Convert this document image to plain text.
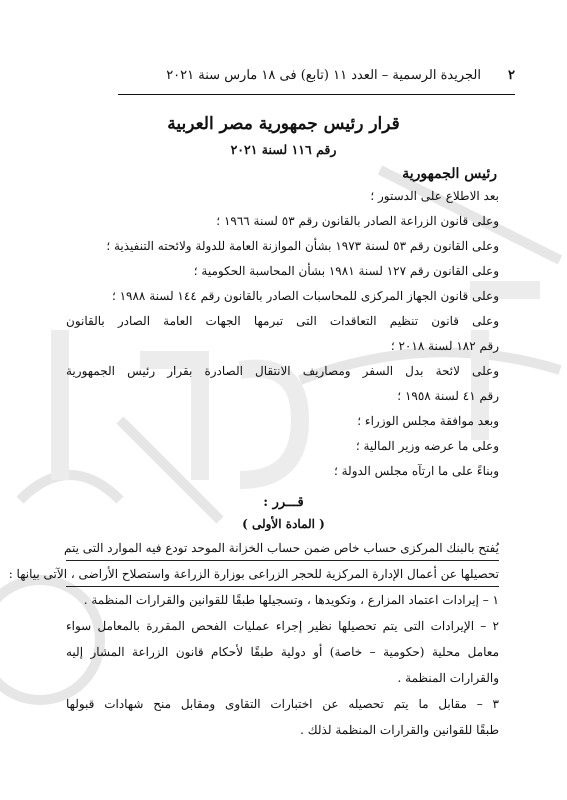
٢
الجريدة الرسمية – العدد ١١ (تابع) فى ١٨ مارس سنة ٢٠٢١
قرار رئيس جمهورية مصر العربية
رقم ١١٦ لسنة ٢٠٢١
رئيس الجمهورية
بعد الاطلاع على الدستور ؛
وعلى قانون الزراعة الصادر بالقانون رقم ٥٣ لسنة ١٩٦٦ ؛
وعلى القانون رقم ٥٣ لسنة ١٩٧٣ بشأن الموازنة العامة للدولة ولائحته التنفيذية ؛
وعلى القانون رقم ١٢٧ لسنة ١٩٨١ بشأن المحاسبة الحكومية ؛
وعلى قانون الجهاز المركزى للمحاسبات الصادر بالقانون رقم ١٤٤ لسنة ١٩٨٨ ؛
وعلى قانون تنظيم التعاقدات التى تبرمها الجهات العامة الصادر بالقانون
رقم ١٨٢ لسنة ٢٠١٨ ؛
وعلى لائحة بدل السفر ومصاريف الانتقال الصادرة بقرار رئيس الجمهورية
رقم ٤١ لسنة ١٩٥٨ ؛
وبعد موافقة مجلس الوزراء ؛
وعلى ما عرضه وزير المالية ؛
وبناءً على ما ارتآه مجلس الدولة ؛
قـــرر :
( المادة الأولى )
يُفتح بالبنك المركزى حساب خاص ضمن حساب الخزانة الموحد تودع فيه الموارد التى يتم
تحصيلها عن أعمال الإدارة المركزية للحجر الزراعى بوزارة الزراعة واستصلاح الأراضى ، الآتى بيانها :
١ – إيرادات اعتماد المزارع ، وتكويدها ، وتسجيلها طبقًا للقوانين والقرارات المنظمة .
٢ – الإيرادات التى يتم تحصيلها نظير إجراء عمليات الفحص المقررة بالمعامل سواء
معامل محلية (حكومية – خاصة) أو دولية طبقًا لأحكام قانون الزراعة المشار إليه
والقرارات المنظمة .
٣ – مقابل ما يتم تحصيله عن اختبارات التقاوى ومقابل منح شهادات قبولها
طبقًا للقوانين والقرارات المنظمة لذلك .
